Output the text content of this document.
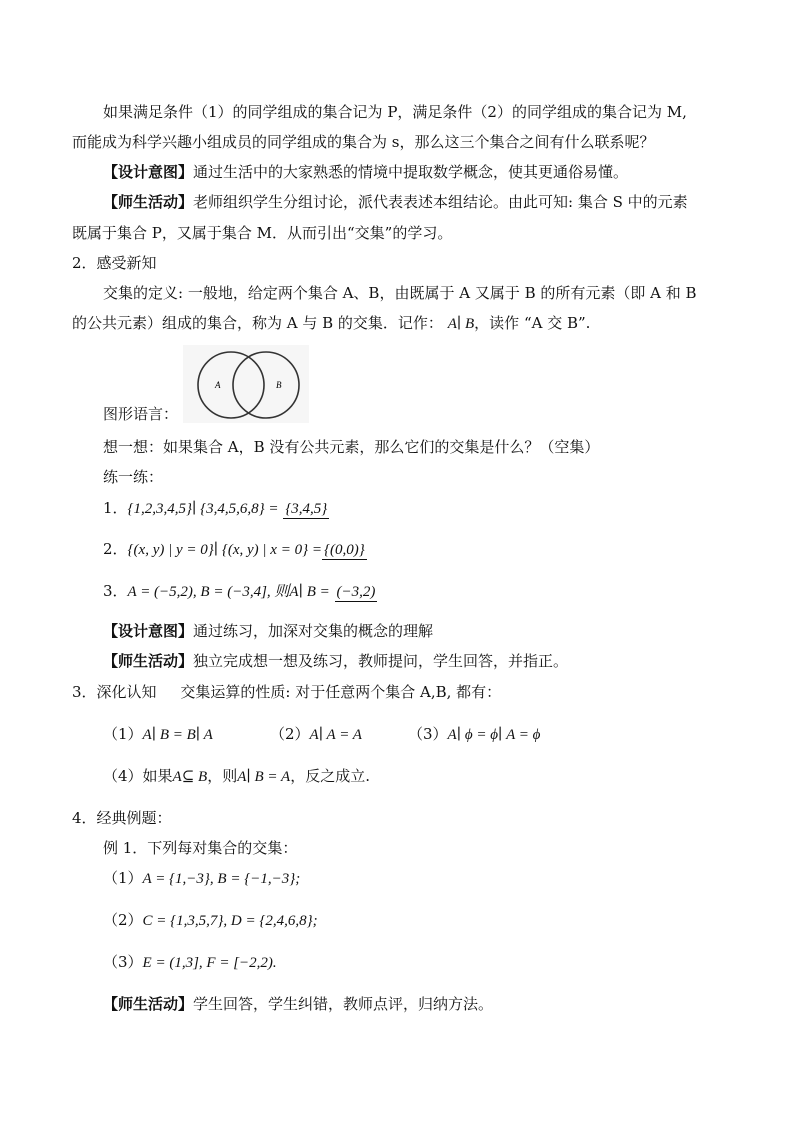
如果满足条件（1）的同学组成的集合记为 P，满足条件（2）的同学组成的集合记为 M,
而能成为科学兴趣小组成员的同学组成的集合为 s，那么这三个集合之间有什么联系呢？
【设计意图】通过生活中的大家熟悉的情境中提取数学概念，使其更通俗易懂。
【师生活动】老师组织学生分组讨论，派代表表述本组结论。由此可知: 集合 S 中的元素
既属于集合 P，又属于集合 M．从而引出“交集”的学习。
2．感受新知
交集的定义: 一般地，给定两个集合 A、B，由既属于 A 又属于 B 的所有元素（即 A 和 B
的公共元素）组成的集合，称为 A 与 B 的交集．记作： A∣ B，读作 “A 交 B”.
A	B
图形语言：
想一想：如果集合 A，B 没有公共元素，那么它们的交集是什么？（空集）
练一练：
1．{1,2,3,4,5}∣ {3,4,5,6,8} = {3,4,5}
2．{(x, y) | y = 0}∣ {(x, y) | x = 0} = {(0,0)}
3．A = (−5,2), B = (−3,4], 则A∣ B = (−3,2)
【设计意图】通过练习，加深对交集的概念的理解
【师生活动】独立完成想一想及练习，教师提问，学生回答，并指正。
3．深化认知 交集运算的性质: 对于任意两个集合 A,B, 都有：
（1）A∣ B = B∣ A	（2）A∣ A = A	（3）A∣ ϕ = ϕ∣ A = ϕ
（4）如果A⊆ B，则A∣ B = A，反之成立.
4．经典例题：
例 1．下列每对集合的交集：
（1）A = {1,−3}, B = {−1,−3};
（2）C = {1,3,5,7}, D = {2,4,6,8};
（3）E = (1,3], F = [−2,2).
【师生活动】学生回答，学生纠错，教师点评，归纳方法。
